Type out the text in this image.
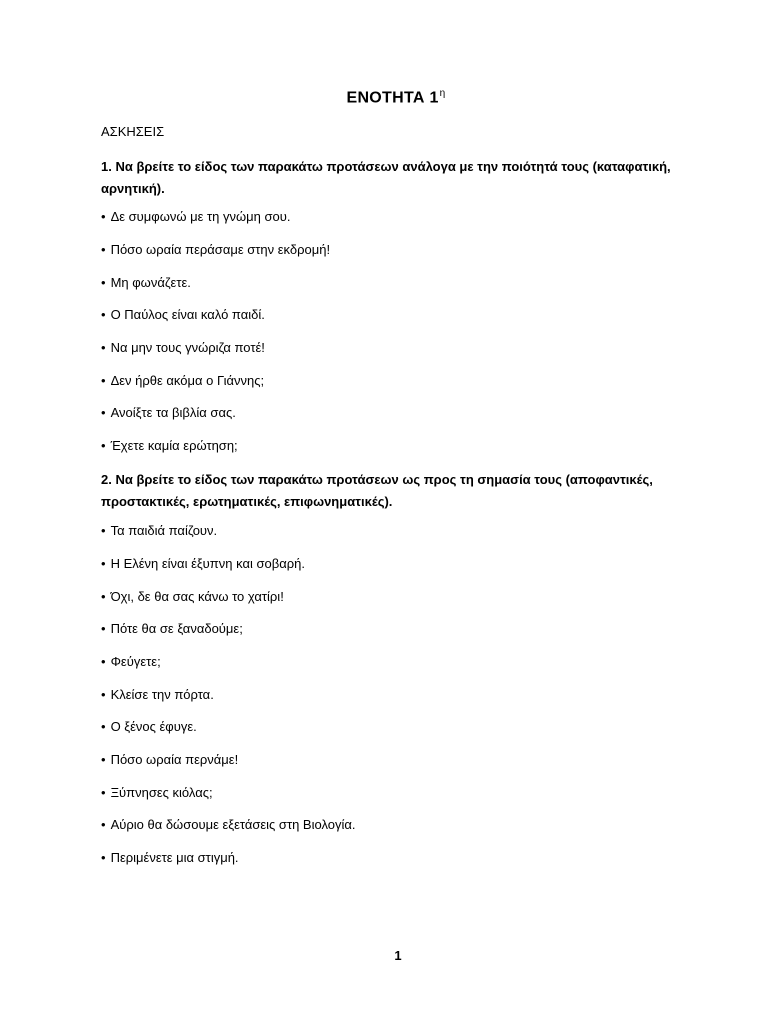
ΕΝΟΤΗΤΑ $1^\eta$
ΑΣΚΗΣΕΙΣ
1. Να βρείτε το είδος των παρακάτω προτάσεων ανάλογα με την ποιότητά τους (καταφατική, αρνητική).
• Δε συμφωνώ με τη γνώμη σου.
• Πόσο ωραία περάσαμε στην εκδρομή!
• Μη φωνάζετε.
• Ο Παύλος είναι καλό παιδί.
• Να μην τους γνώριζα ποτέ!
• Δεν ήρθε ακόμα ο Γιάννης;
• Ανοίξτε τα βιβλία σας.
• Έχετε καμία ερώτηση;
2. Να βρείτε το είδος των παρακάτω προτάσεων ως προς τη σημασία τους (αποφαντικές, προστακτικές, ερωτηματικές, επιφωνηματικές).
• Τα παιδιά παίζουν.
• Η Ελένη είναι έξυπνη και σοβαρή.
• Όχι, δε θα σας κάνω το χατίρι!
• Πότε θα σε ξαναδούμε;
• Φεύγετε;
• Κλείσε την πόρτα.
• Ο ξένος έφυγε.
• Πόσο ωραία περνάμε!
• Ξύπνησες κιόλας;
• Αύριο θα δώσουμε εξετάσεις στη Βιολογία.
• Περιμένετε μια στιγμή.
1
